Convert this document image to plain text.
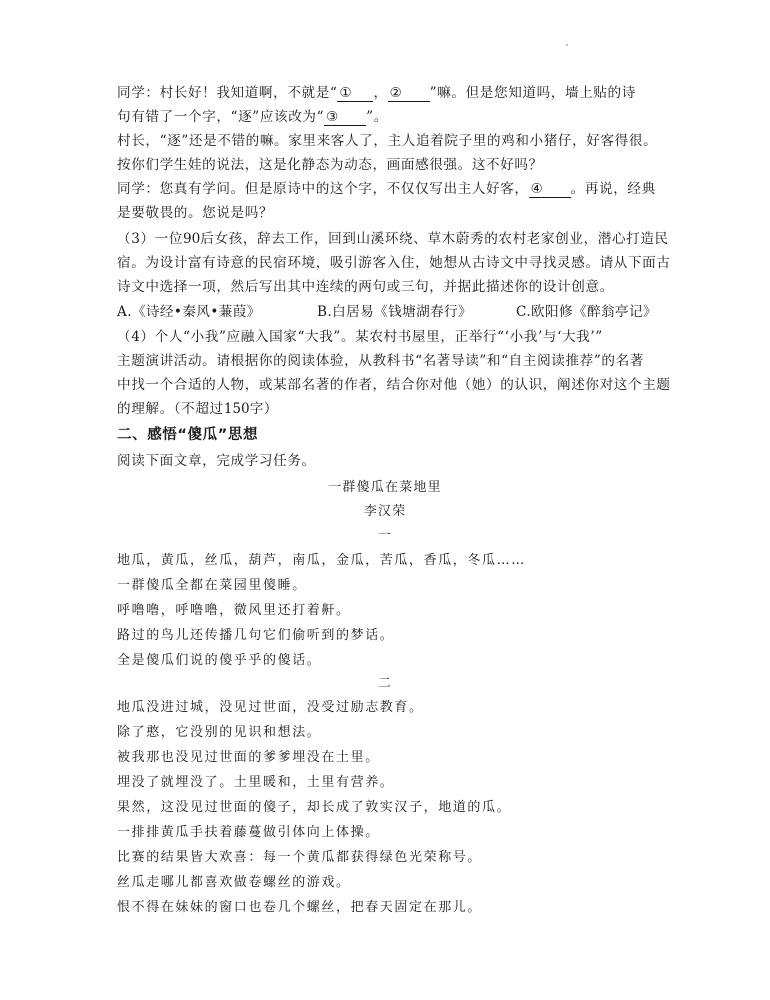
同学：村长好！我知道啊，不就是“ ① ， ② ”嘛。但是您知道吗，墙上贴的诗
句有错了一个字，“逐”应该改为“ ③ ”。
村长，“逐”还是不错的嘛。家里来客人了，主人追着院子里的鸡和小猪仔，好客得很。
按你们学生娃的说法，这是化静态为动态，画面感很强。这不好吗？
同学：您真有学问。但是原诗中的这个字，不仅仅写出主人好客， ④ 。再说，经典
是要敬畏的。您说是吗？
（3）一位90后女孩，辞去工作，回到山溪环绕、草木蔚秀的农村老家创业，潜心打造民
宿。为设计富有诗意的民宿环境，吸引游客入住，她想从古诗文中寻找灵感。请从下面古
诗文中选择一项，然后写出其中连续的两句或三句，并据此描述你的设计创意。
A.《诗经•秦风•蒹葭》	B.白居易《钱塘湖春行》	C.欧阳修《醉翁亭记》
（4）个人“小我”应融入国家“大我”。某农村书屋里，正举行“‘小我’与‘大我’”
主题演讲活动。请根据你的阅读体验，从教科书“名著导读”和“自主阅读推荐”的名著
中找一个合适的人物，或某部名著的作者，结合你对他（她）的认识，阐述你对这个主题
的理解。（不超过150字）
二、感悟“傻瓜”思想
阅读下面文章，完成学习任务。
一群傻瓜在菜地里
李汉荣
一
地瓜，黄瓜，丝瓜，葫芦，南瓜，金瓜，苦瓜，香瓜，冬瓜……
一群傻瓜全都在菜园里傻睡。
呼噜噜，呼噜噜，微风里还打着鼾。
路过的鸟儿还传播几句它们偷听到的梦话。
全是傻瓜们说的傻乎乎的傻话。
二
地瓜没进过城，没见过世面，没受过励志教育。
除了憨，它没别的见识和想法。
被我那也没见过世面的爹爹埋没在土里。
埋没了就埋没了。土里暖和，土里有营养。
果然，这没见过世面的傻子，却长成了敦实汉子，地道的瓜。
一排排黄瓜手扶着藤蔓做引体向上体操。
比赛的结果皆大欢喜：每一个黄瓜都获得绿色光荣称号。
丝瓜走哪儿都喜欢做卷螺丝的游戏。
恨不得在妹妹的窗口也卷几个螺丝，把春天固定在那儿。
